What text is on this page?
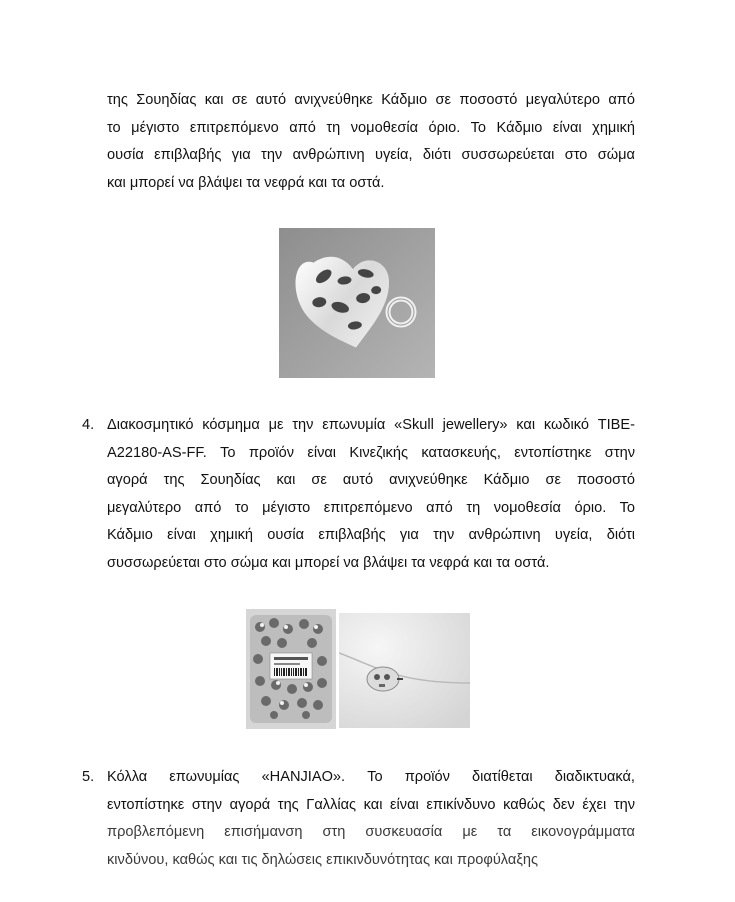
της Σουηδίας και σε αυτό ανιχνεύθηκε Κάδμιο σε ποσοστό μεγαλύτερο από
το μέγιστο επιτρεπόμενο από τη νομοθεσία όριο. Το Κάδμιο είναι χημική
ουσία επιβλαβής για την ανθρώπινη υγεία, διότι συσσωρεύεται στο σώμα
και μπορεί να βλάψει τα νεφρά και τα οστά.
4. Διακοσμητικό κόσμημα με την επωνυμία «Skull jewellery» και κωδικό TIBE-
A22180-AS-FF. Το προϊόν είναι Κινεζικής κατασκευής, εντοπίστηκε στην
αγορά της Σουηδίας και σε αυτό ανιχνεύθηκε Κάδμιο σε ποσοστό
μεγαλύτερο από το μέγιστο επιτρεπόμενο από τη νομοθεσία όριο. Το
Κάδμιο είναι χημική ουσία επιβλαβής για την ανθρώπινη υγεία, διότι
συσσωρεύεται στο σώμα και μπορεί να βλάψει τα νεφρά και τα οστά.
5. Κόλλα επωνυμίας «HANJIAO». Το προϊόν διατίθεται διαδικτυακά,
εντοπίστηκε στην αγορά της Γαλλίας και είναι επικίνδυνο καθώς δεν έχει την
προβλεπόμενη επισήμανση στη συσκευασία με τα εικονογράμματα
κινδύνου, καθώς και τις δηλώσεις επικινδυνότητας και προφύλαξης
